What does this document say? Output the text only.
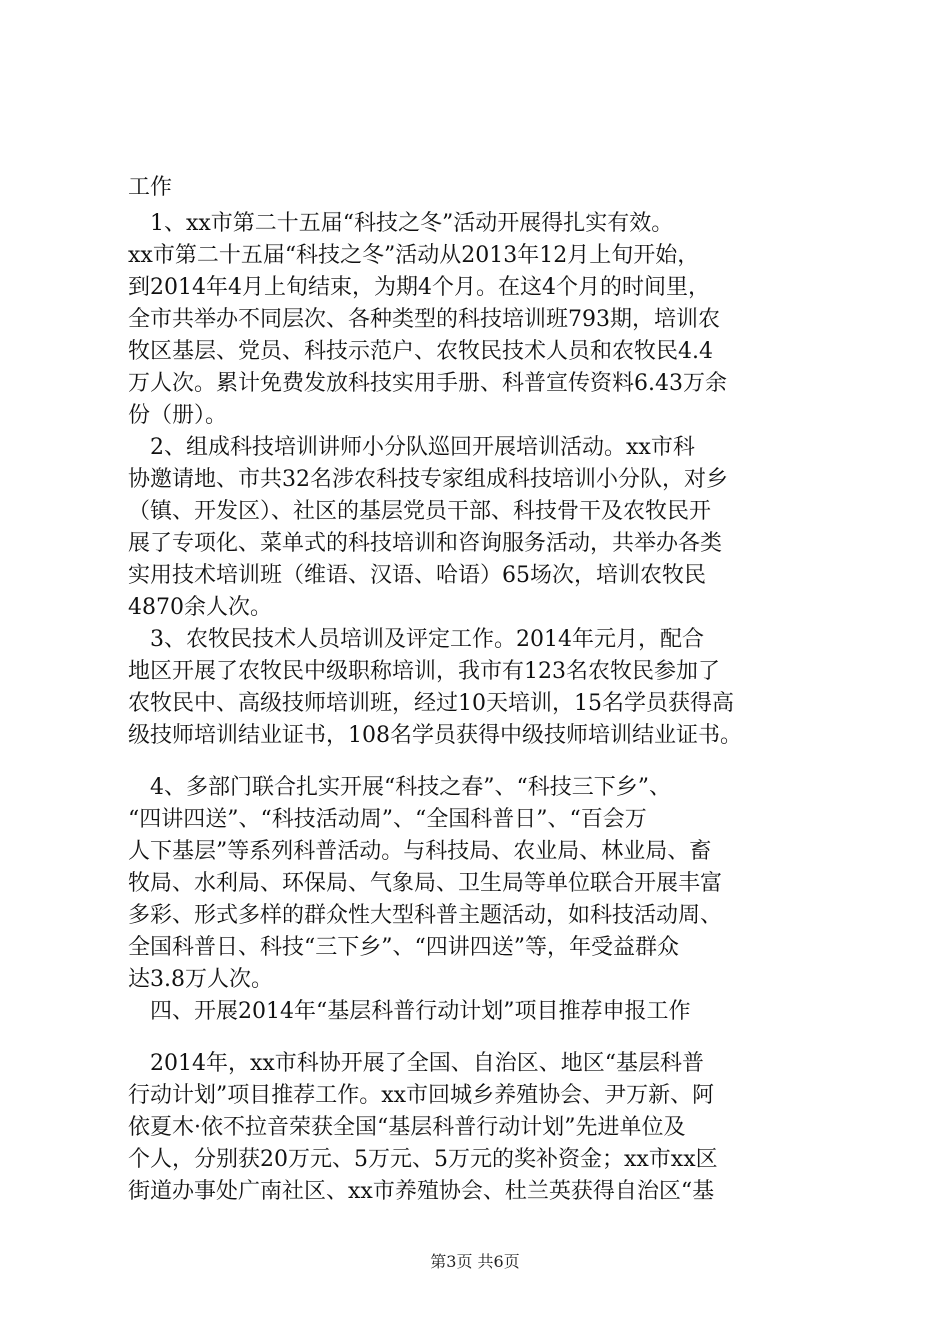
工作
　1、xx市第二十五届“科技之冬”活动开展得扎实有效。
xx市第二十五届“科技之冬”活动从2013年12月上旬开始，
到2014年4月上旬结束，为期4个月。在这4个月的时间里，
全市共举办不同层次、各种类型的科技培训班793期，培训农
牧区基层、党员、科技示范户、农牧民技术人员和农牧民4.4
万人次。累计免费发放科技实用手册、科普宣传资料6.43万余
份（册）。
　2、组成科技培训讲师小分队巡回开展培训活动。xx市科
协邀请地、市共32名涉农科技专家组成科技培训小分队，对乡
（镇、开发区）、社区的基层党员干部、科技骨干及农牧民开
展了专项化、菜单式的科技培训和咨询服务活动，共举办各类
实用技术培训班（维语、汉语、哈语）65场次，培训农牧民
4870余人次。
　3、农牧民技术人员培训及评定工作。2014年元月，配合
地区开展了农牧民中级职称培训，我市有123名农牧民参加了
农牧民中、高级技师培训班，经过10天培训，15名学员获得高
级技师培训结业证书，108名学员获得中级技师培训结业证书。
　4、多部门联合扎实开展“科技之春”、“科技三下乡”、
“四讲四送”、“科技活动周”、“全国科普日”、“百会万
人下基层”等系列科普活动。与科技局、农业局、林业局、畜
牧局、水利局、环保局、气象局、卫生局等单位联合开展丰富
多彩、形式多样的群众性大型科普主题活动，如科技活动周、
全国科普日、科技“三下乡”、“四讲四送”等，年受益群众
达3.8万人次。
　四、开展2014年“基层科普行动计划”项目推荐申报工作
　2014年，xx市科协开展了全国、自治区、地区“基层科普
行动计划”项目推荐工作。xx市回城乡养殖协会、尹万新、阿
依夏木·依不拉音荣获全国“基层科普行动计划”先进单位及
个人，分别获20万元、5万元、5万元的奖补资金；xx市xx区
街道办事处广南社区、xx市养殖协会、杜兰英获得自治区“基
第3页 共6页
